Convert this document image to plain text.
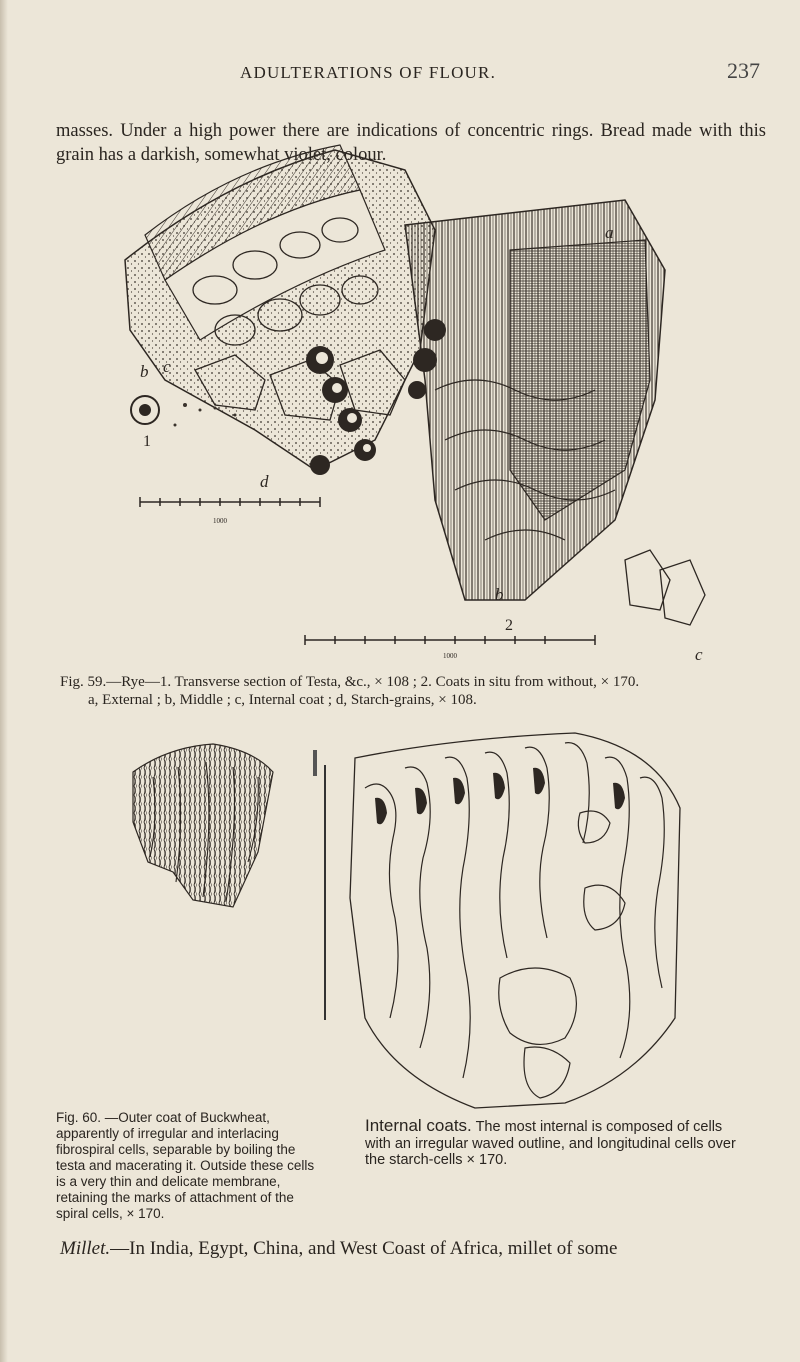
ADULTERATIONS OF FLOUR.	237

masses. Under a high power there are indications of concentric rings. Bread made with this grain has a darkish, somewhat violet, colour.

a
b c
d
b
c
1
2
1000
1000
Fig. 59.—Rye—1. Transverse section of Testa, &c., × 108 ; 2. Coats in situ from without, × 170.
a, External ; b, Middle ; c, Internal coat ; d, Starch-grains, × 108.
Fig. 60. —Outer coat of Buckwheat, apparently of irregular and interlacing fibrospiral cells, separable by boiling the testa and macerating it. Outside these cells is a very thin and delicate membrane, retaining the marks of attachment of the spiral cells, × 170.
Internal coats. The most internal is composed of cells with an irregular waved outline, and longitudinal cells over the starch-cells × 170.
Millet.—In India, Egypt, China, and West Coast of Africa, millet of some
